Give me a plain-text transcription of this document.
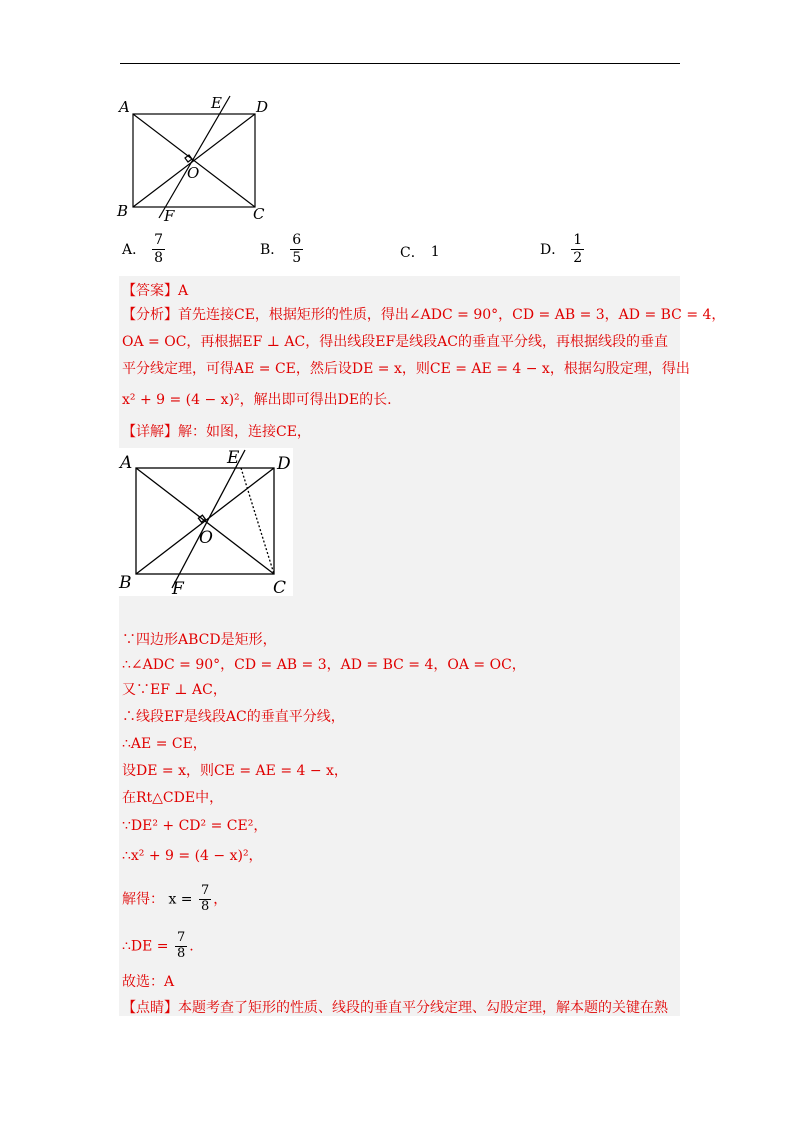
A
B	C
D
E
F
O
A． $\frac{7}{8}$	B． $\frac{6}{5}$	C． 1	D． $\frac{1}{2}$
【答案】A
【分析】首先连接CE，根据矩形的性质，得出∠ADC = 90°，CD = AB = 3，AD = BC = 4，
OA = OC，再根据EF ⊥ AC，得出线段EF是线段AC的垂直平分线，再根据线段的垂直
平分线定理，可得AE = CE，然后设DE = x，则CE = AE = 4 − x，根据勾股定理，得出
x² + 9 = (4 − x)²，解出即可得出DE的长.
【详解】解：如图，连接CE，
A
B	C
D
E
F
O
∵四边形ABCD是矩形，
∴∠ADC = 90°，CD = AB = 3，AD = BC = 4，OA = OC，
又∵EF ⊥ AC，
∴线段EF是线段AC的垂直平分线，
∴AE = CE，
设DE = x，则CE = AE = 4 − x，
在Rt△CDE中，
∵DE² + CD² = CE²，
∴x² + 9 = (4 − x)²，
解得： $x = \frac{7}{8}$ ，
∴DE = $\frac{7}{8}$ .
故选：A
【点睛】本题考查了矩形的性质、线段的垂直平分线定理、勾股定理，解本题的关键在熟
